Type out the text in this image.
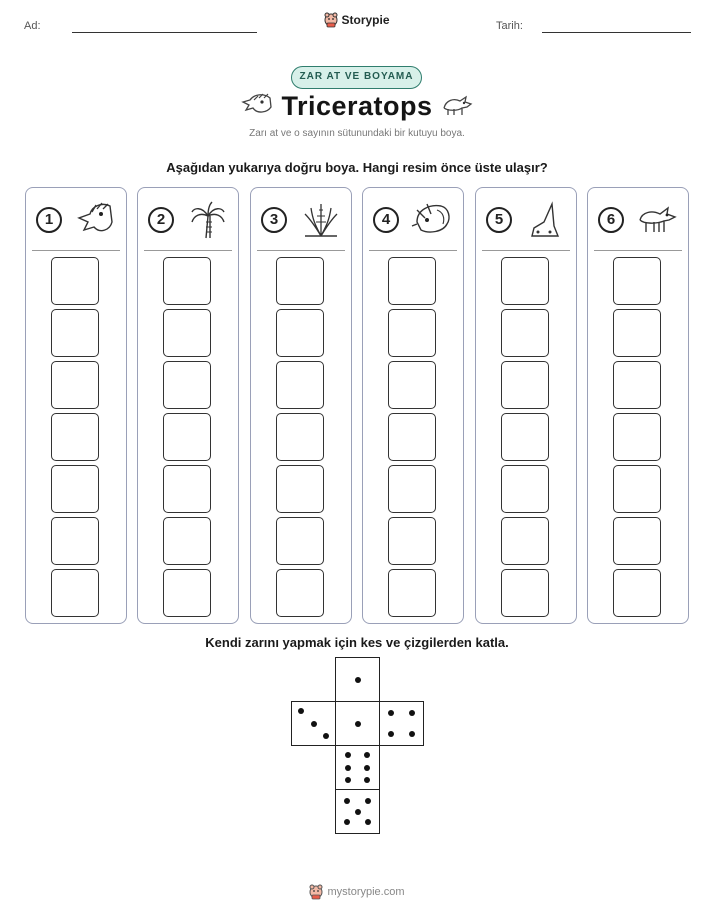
Ad:	Storypie	Tarih:
ZAR AT VE BOYAMA
Triceratops
Zarı at ve o sayının sütunundaki bir kutuyu boya.
Aşağıdan yukarıya doğru boya. Hangi resim önce üste ulaşır?
1	2	3	4	5	6
Kendi zarını yapmak için kes ve çizgilerden katla.
mystorypie.com
